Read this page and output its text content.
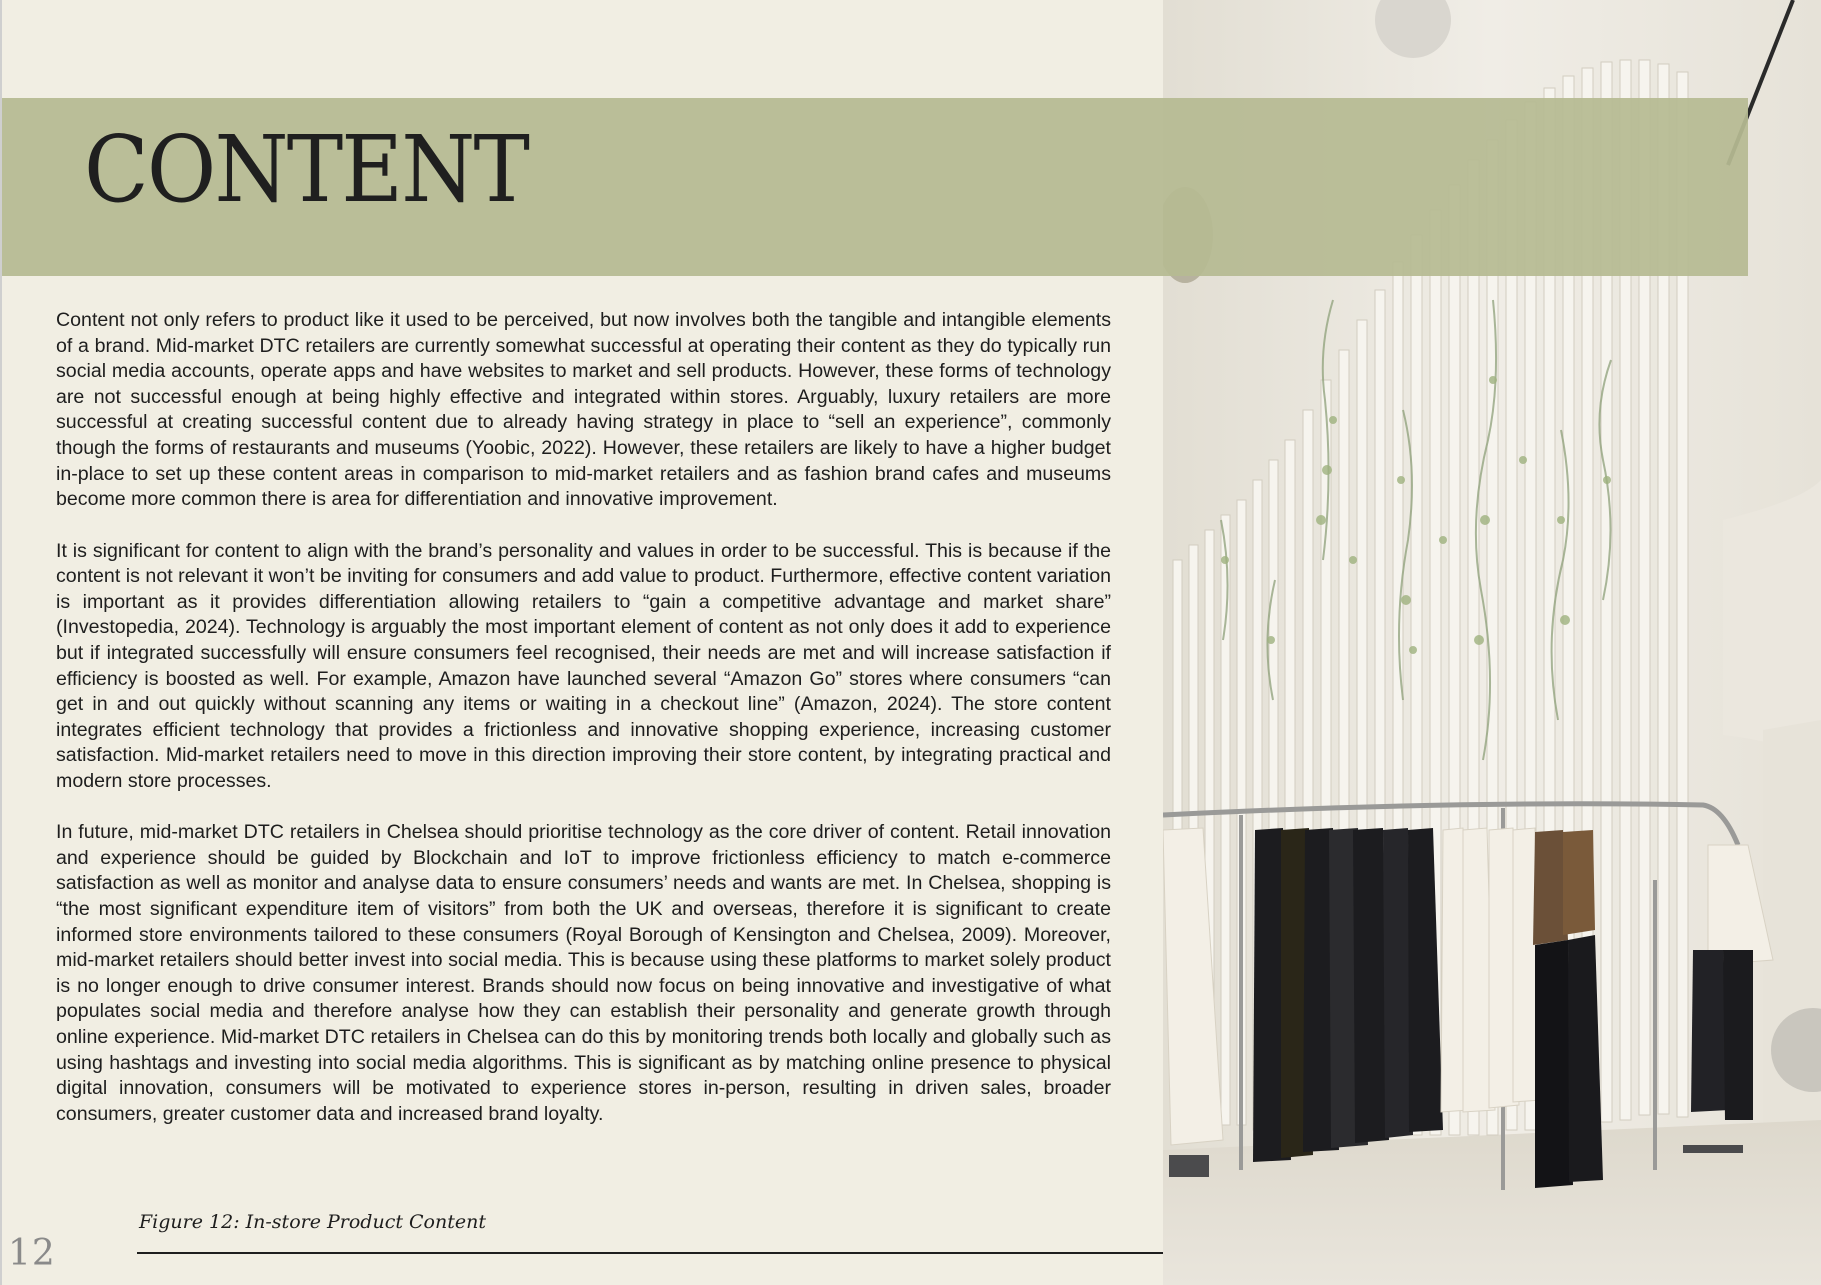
CONTENT

Content not only refers to product like it used to be perceived, but now involves both the tangible and intangible elements of a brand. Mid-market DTC retailers are currently somewhat successful at operating their content as they do typically run social media accounts, operate apps and have websites to market and sell products. However, these forms of technology are not successful enough at being highly effective and integrated within stores. Arguably, luxury retailers are more successful at creating successful content due to already having strategy in place to “sell an experience”, commonly though the forms of restaurants and museums (Yoobic, 2022). However, these retailers are likely to have a higher budget in-place to set up these content areas in comparison to mid-market retailers and as fashion brand cafes and museums become more common there is area for differentiation and innovative improvement.

It is significant for content to align with the brand’s personality and values in order to be successful. This is because if the content is not relevant it won’t be inviting for consumers and add value to product. Furthermore, effective content variation is important as it provides differentiation allowing retailers to “gain a competitive advantage and market share” (Investopedia, 2024). Technology is arguably the most important element of content as not only does it add to experience but if integrated successfully will ensure consumers feel recognised, their needs are met and will increase satisfaction if efficiency is boosted as well. For example, Amazon have launched several “Amazon Go” stores where consumers “can get in and out quickly without scanning any items or waiting in a checkout line” (Amazon, 2024). The store content integrates efficient technology that provides a frictionless and innovative shopping experience, increasing customer satisfaction. Mid-market retailers need to move in this direction improving their store content, by integrating practical and modern store processes.

In future, mid-market DTC retailers in Chelsea should prioritise technology as the core driver of content. Retail innovation and experience should be guided by Blockchain and IoT to improve frictionless efficiency to match e-commerce satisfaction as well as monitor and analyse data to ensure consumers’ needs and wants are met. In Chelsea, shopping is “the most significant expenditure item of visitors” from both the UK and overseas, therefore it is significant to create informed store environments tailored to these consumers (Royal Borough of Kensington and Chelsea, 2009). Moreover, mid-market retailers should better invest into social media. This is because using these platforms to market solely product is no longer enough to drive consumer interest. Brands should now focus on being innovative and investigative of what populates social media and therefore analyse how they can establish their personality and generate growth through online experience. Mid-market DTC retailers in Chelsea can do this by monitoring trends both locally and globally such as using hashtags and investing into social media algorithms. This is significant as by matching online presence to physical digital innovation, consumers will be motivated to experience stores in-person, resulting in driven sales, broader consumers, greater customer data and increased brand loyalty.

Figure 12: In-store Product Content
12
